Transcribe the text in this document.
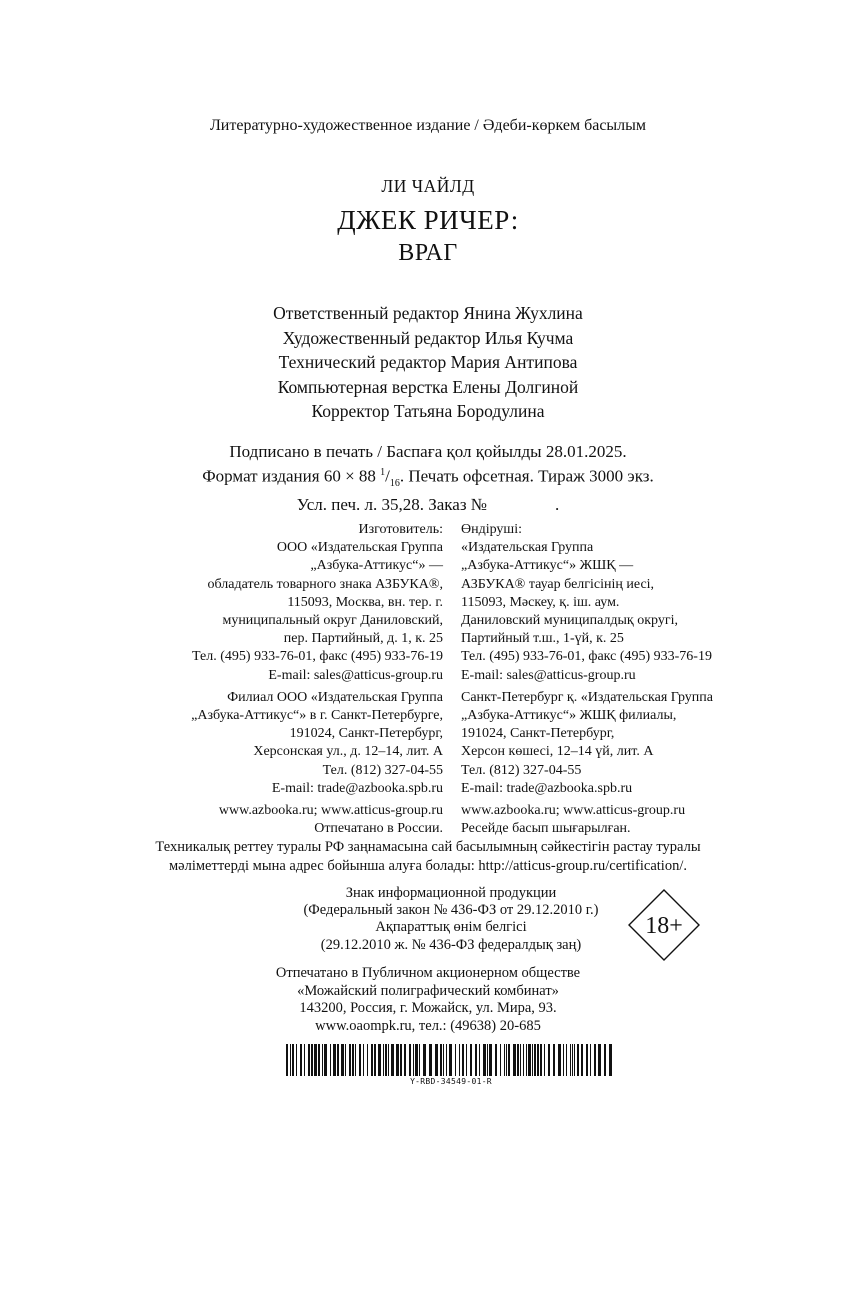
Литературно-художественное издание / Әдеби-көркем басылым
ЛИ ЧАЙЛД
ДЖЕК РИЧЕР:
ВРАГ
Ответственный редактор Янина Жухлина
Художественный редактор Илья Кучма
Технический редактор Мария Антипова
Компьютерная верстка Елены Долгиной
Корректор Татьяна Бородулина
Подписано в печать / Баспаға қол қойылды 28.01.2025.
Формат издания 60 × 88 $^1/_{16}$. Печать офсетная. Тираж 3000 экз.
Усл. печ. л. 35,28. Заказ №                .
Изготовитель:
ООО «Издательская Группа
„Азбука-Аттикус“» —
обладатель товарного знака АЗБУКА®,
115093, Москва, вн. тер. г.
муниципальный округ Даниловский,
пер. Партийный, д. 1, к. 25
Тел. (495) 933-76-01, факс (495) 933-76-19
E-mail: sales@atticus-group.ru
Филиал ООО «Издательская Группа
„Азбука-Аттикус“» в г. Санкт-Петербурге,
191024, Санкт-Петербург,
Херсонская ул., д. 12–14, лит. А
Тел. (812) 327-04-55
E-mail: trade@azbooka.spb.ru
www.azbooka.ru; www.atticus-group.ru
Отпечатано в России.
Өндіруші:
«Издательская Группа
„Азбука-Аттикус“» ЖШҚ —
АЗБУКА® тауар белгісінің иесі,
115093, Мәскеу, қ. іш. аум.
Даниловский муниципалдық округі,
Партийный т.ш., 1-үй, к. 25
Тел. (495) 933-76-01, факс (495) 933-76-19
E-mail: sales@atticus-group.ru
Санкт-Петербург қ. «Издательская Группа
„Азбука-Аттикус“» ЖШҚ филиалы,
191024, Санкт-Петербург,
Херсон көшесі, 12–14 үй, лит. А
Тел. (812) 327-04-55
E-mail: trade@azbooka.spb.ru
www.azbooka.ru; www.atticus-group.ru
Ресейде басып шығарылған.
Техникалық реттеу туралы РФ заңнамасына сай басылымның сәйкестігін растау туралы
мәліметтерді мына адрес бойынша алуға болады: http://atticus-group.ru/certification/.
Знак информационной продукции
(Федеральный закон № 436-ФЗ от 29.12.2010 г.)
Ақпараттық өнім белгісі
(29.12.2010 ж. № 436-ФЗ федералдық заң)
18+
Отпечатано в Публичном акционерном обществе
«Можайский полиграфический комбинат»
143200, Россия, г. Можайск, ул. Мира, 93.
www.oaompk.ru, тел.: (49638) 20-685
Y-RBD-34549-01-R
